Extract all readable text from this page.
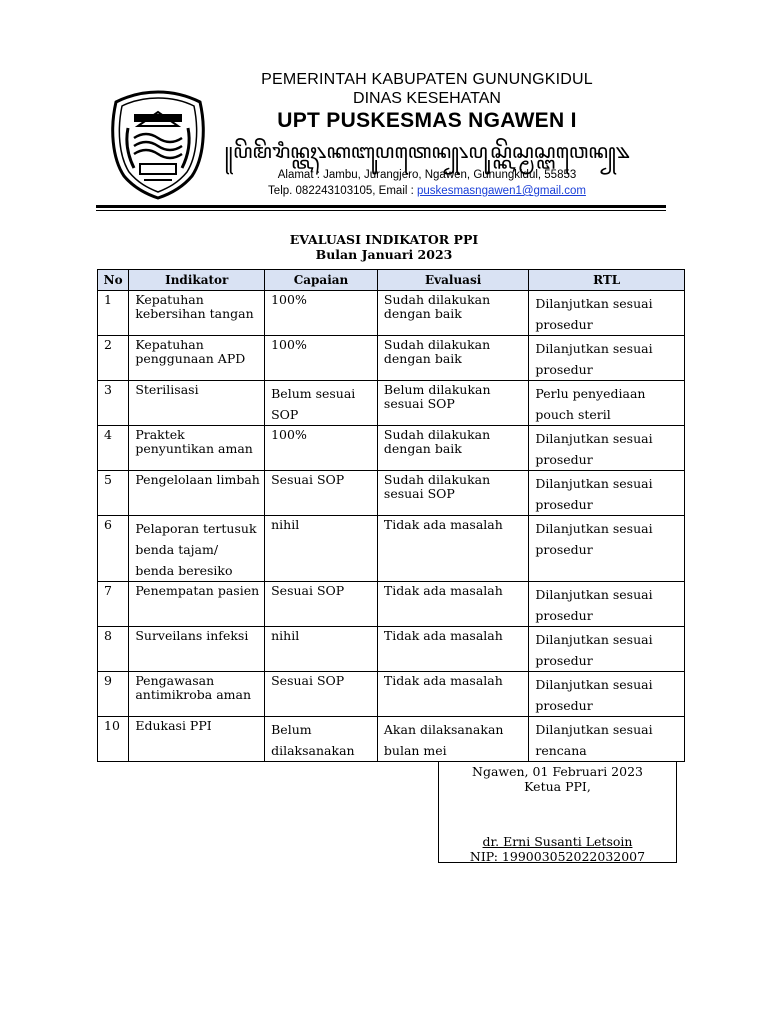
PEMERINTAH KABUPATEN GUNUNGKIDUL
DINAS KESEHATAN
UPT PUSKESMAS NGAWEN I
꧋ꦥꦼꦩꦼꦫꦶꦤ꧀ꦠꦃ꧈ꦏꦧꦸꦥꦠꦺꦤ꧀꧈ꦥꦸꦱ꧀ꦏꦼꦱ꧀ꦩꦱ꧀ꦔꦮꦺꦤ꧀꧉
Alamat : Jambu, Jurangjero, Ngawen, Gunungkidul, 55853
Telp. 082243103105, Email : puskesmasngawen1@gmail.com
EVALUASI INDIKATOR PPI
Bulan Januari 2023
No	Indikator	Capaian	Evaluasi	RTL
1	Kepatuhan kebersihan tangan	100%	Sudah dilakukan dengan baik	Dilanjutkan sesuai prosedur
2	Kepatuhan penggunaan APD	100%	Sudah dilakukan dengan baik	Dilanjutkan sesuai prosedur
3	Sterilisasi	Belum sesuai SOP	Belum dilakukan sesuai SOP	Perlu penyediaan pouch steril
4	Praktek penyuntikan aman	100%	Sudah dilakukan dengan baik	Dilanjutkan sesuai prosedur
5	Pengelolaan limbah	Sesuai SOP	Sudah dilakukan sesuai SOP	Dilanjutkan sesuai prosedur
6	Pelaporan tertusuk benda tajam/ benda beresiko	nihil	Tidak ada masalah	Dilanjutkan sesuai prosedur
7	Penempatan pasien	Sesuai SOP	Tidak ada masalah	Dilanjutkan sesuai prosedur
8	Surveilans infeksi	nihil	Tidak ada masalah	Dilanjutkan sesuai prosedur
9	Pengawasan antimikroba aman	Sesuai SOP	Tidak ada masalah	Dilanjutkan sesuai prosedur
10	Edukasi PPI	Belum dilaksanakan	Akan dilaksanakan bulan mei	Dilanjutkan sesuai rencana
Ngawen, 01 Februari 2023
Ketua PPI,
dr. Erni Susanti Letsoin
NIP: 199003052022032007
